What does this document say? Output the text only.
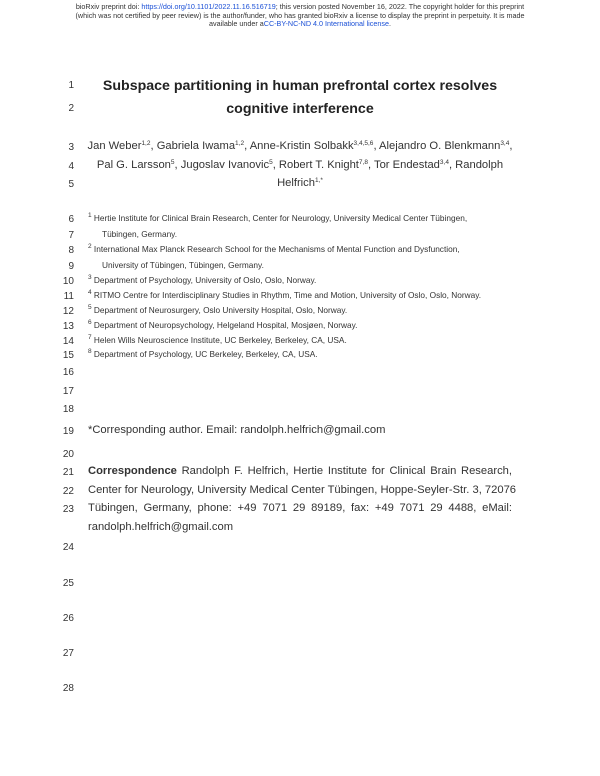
bioRxiv preprint doi: https://doi.org/10.1101/2022.11.16.516719; this version posted November 16, 2022. The copyright holder for this preprint
(which was not certified by peer review) is the author/funder, who has granted bioRxiv a license to display the preprint in perpetuity. It is made
available under aCC-BY-NC-ND 4.0 International license.
1
2
3
4
5
6
7
8
9
10
11
12
13
14
15
16
17
18
19
20
21
22
23
24
25
26
27
28
Subspace partitioning in human prefrontal cortex resolves
cognitive interference
Jan Weber$^{1,2}$, Gabriela Iwama$^{1,2}$, Anne-Kristin Solbakk$^{3,4,5,6}$, Alejandro O. Blenkmann$^{3,4}$,
Pal G. Larsson$^5$, Jugoslav Ivanovic$^5$, Robert T. Knight$^{7,8}$, Tor Endestad$^{3,4}$, Randolph
Helfrich$^{1,*}$
$^1$ Hertie Institute for Clinical Brain Research, Center for Neurology, University Medical Center Tübingen,
Tübingen, Germany.
$^2$ International Max Planck Research School for the Mechanisms of Mental Function and Dysfunction,
University of Tübingen, Tübingen, Germany.
$^3$ Department of Psychology, University of Oslo, Oslo, Norway.
$^4$ RITMO Centre for Interdisciplinary Studies in Rhythm, Time and Motion, University of Oslo, Oslo, Norway.
$^5$ Department of Neurosurgery, Oslo University Hospital, Oslo, Norway.
$^6$ Department of Neuropsychology, Helgeland Hospital, Mosjøen, Norway.
$^7$ Helen Wills Neuroscience Institute, UC Berkeley, Berkeley, CA, USA.
$^8$ Department of Psychology, UC Berkeley, Berkeley, CA, USA.
*Corresponding author. Email: randolph.helfrich@gmail.com
Correspondence Randolph F. Helfrich, Hertie Institute for Clinical Brain Research,
Center for Neurology, University Medical Center Tübingen, Hoppe-Seyler-Str. 3, 72076
Tübingen, Germany, phone: +49 7071 29 89189, fax: +49 7071 29 4488, eMail:
randolph.helfrich@gmail.com
